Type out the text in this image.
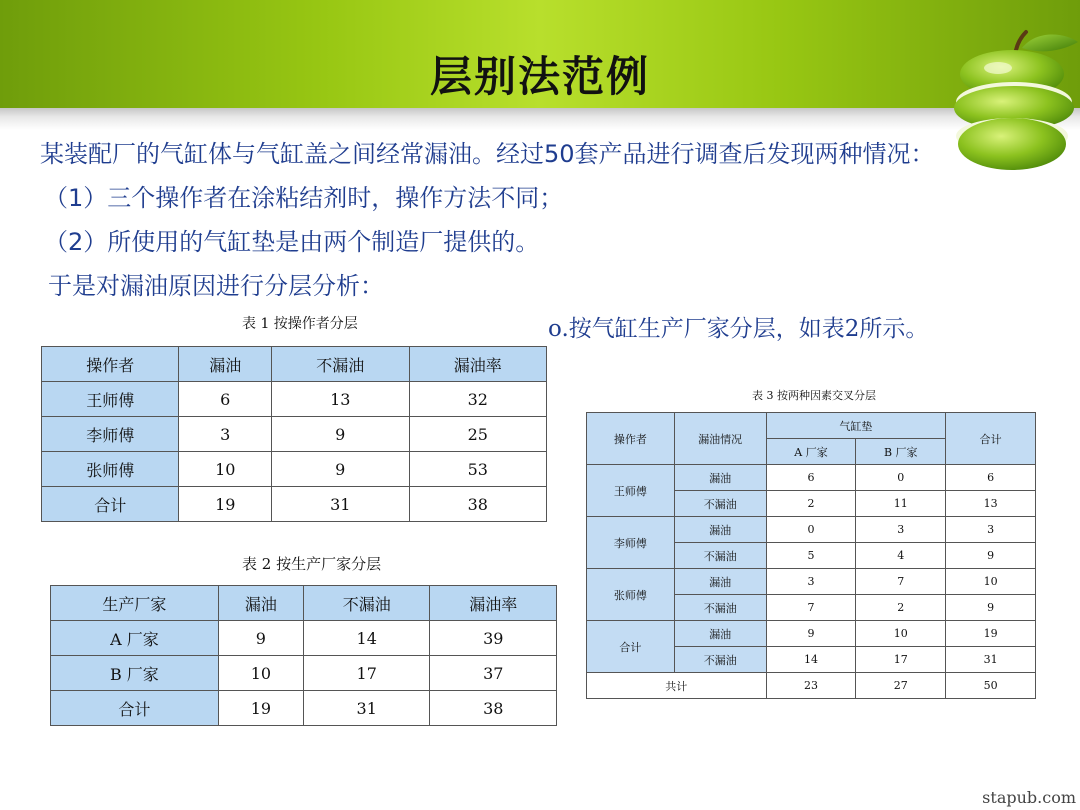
层别法范例
某装配厂的气缸体与气缸盖之间经常漏油。经过50套产品进行调查后发现两种情况：
（1）三个操作者在涂粘结剂时，操作方法不同；
（2）所使用的气缸垫是由两个制造厂提供的。
于是对漏油原因进行分层分析：
o.按气缸生产厂家分层，如表2所示。
表 1 按操作者分层
操作者	漏油	不漏油	漏油率
王师傅	6	13	32
李师傅	3	9	25
张师傅	10	9	53
合计	19	31	38
表 2 按生产厂家分层
生产厂家	漏油	不漏油	漏油率
A 厂家	9	14	39
B 厂家	10	17	37
合计	19	31	38
表 3 按两种因素交叉分层
操作者	漏油情况	气缸垫		合计
		A 厂家	B 厂家	
王师傅	漏油	6	0	6
	不漏油	2	11	13
李师傅	漏油	0	3	3
	不漏油	5	4	9
张师傅	漏油	3	7	10
	不漏油	7	2	9
合计	漏油	9	10	19
	不漏油	14	17	31
共计		23	27	50
stapub.com
